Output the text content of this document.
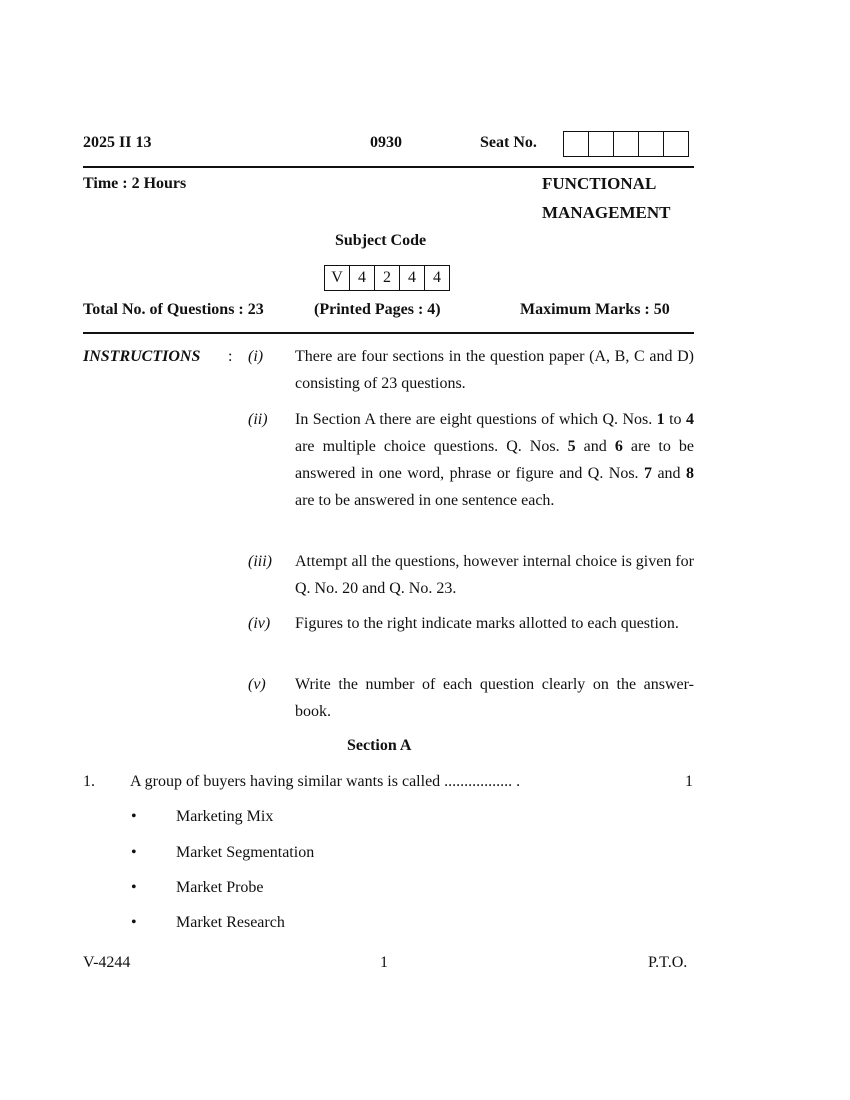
2025 II 13	0930	Seat No.
Time : 2 Hours	FUNCTIONAL
MANAGEMENT
Subject Code
V 4	2	4	4
Total No. of Questions : 23	(Printed Pages : 4)	Maximum Marks : 50
INSTRUCTIONS : (i) There are four sections in the question paper (A, B, C and D) consisting of 23 questions.
(ii) In Section A there are eight questions of which Q. Nos. 1 to 4 are multiple choice questions. Q. Nos. 5 and 6 are to be answered in one word, phrase or figure and Q. Nos. 7 and 8 are to be answered in one sentence each.
(iii) Attempt all the questions, however internal choice is given for Q. No. 20 and Q. No. 23.
(iv) Figures to the right indicate marks allotted to each question.
(v) Write the number of each question clearly on the answer-book.
Section A
1. A group of buyers having similar wants is called ................. .	1
• Marketing Mix
• Market Segmentation
• Market Probe
• Market Research
V-4244	1	P.T.O.
